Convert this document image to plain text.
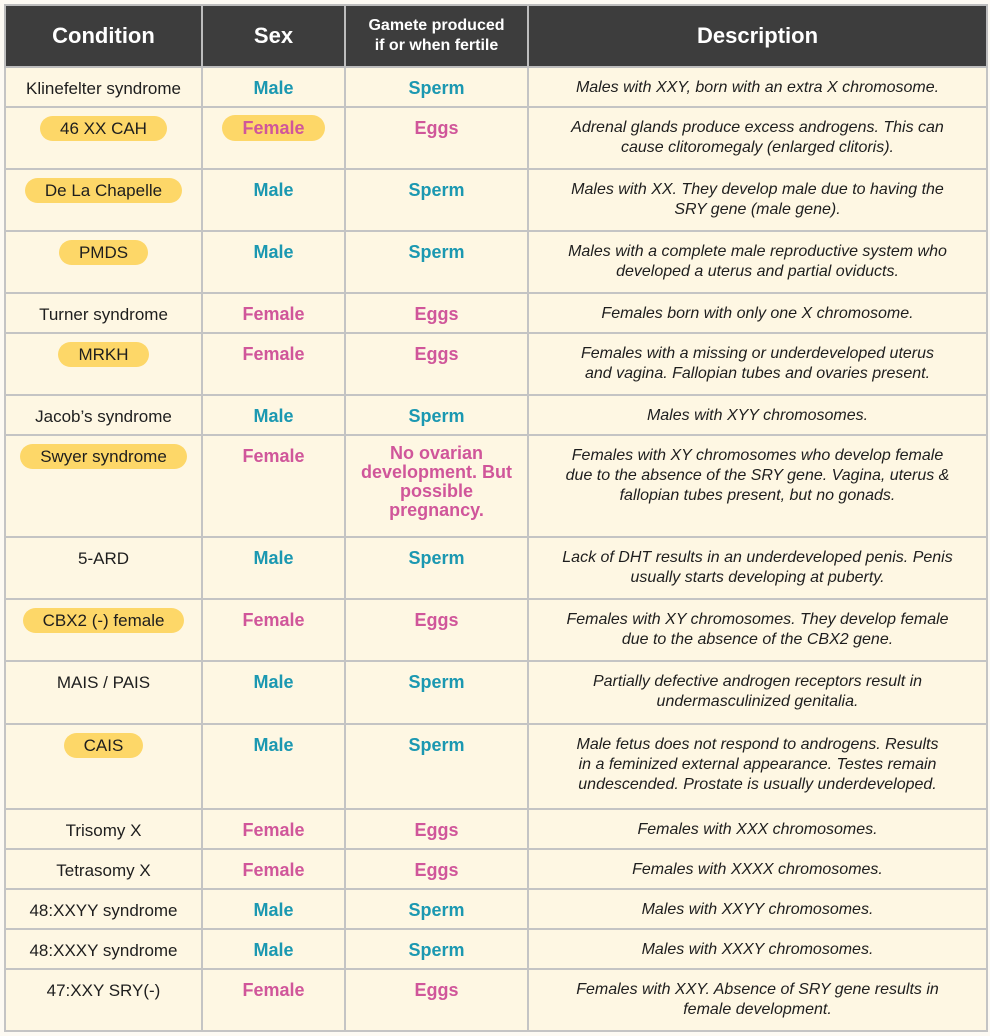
Condition	Sex	Gamete produced
if or when fertile	Description
Klinefelter syndrome	Male	Sperm	Males with XXY, born with an extra X chromosome.
46 XX CAH	Female	Eggs	Adrenal glands produce excess androgens. This can
cause clitoromegaly (enlarged clitoris).
De La Chapelle	Male	Sperm	Males with XX. They develop male due to having the
SRY gene (male gene).
PMDS	Male	Sperm	Males with a complete male reproductive system who
developed a uterus and partial oviducts.
Turner syndrome	Female	Eggs	Females born with only one X chromosome.
MRKH	Female	Eggs	Females with a missing or underdeveloped uterus
and vagina. Fallopian tubes and ovaries present.
Jacob’s syndrome	Male	Sperm	Males with XYY chromosomes.
Swyer syndrome	Female	No ovarian
development. But
possible pregnancy.	Females with XY chromosomes who develop female
due to the absence of the SRY gene. Vagina, uterus &
fallopian tubes present, but no gonads.
5-ARD	Male	Sperm	Lack of DHT results in an underdeveloped penis. Penis
usually starts developing at puberty.
CBX2 (-) female	Female	Eggs	Females with XY chromosomes. They develop female
due to the absence of the CBX2 gene.
MAIS / PAIS	Male	Sperm	Partially defective androgen receptors result in
undermasculinized genitalia.
CAIS	Male	Sperm	Male fetus does not respond to androgens. Results
in a feminized external appearance. Testes remain
undescended. Prostate is usually underdeveloped.
Trisomy X	Female	Eggs	Females with XXX chromosomes.
Tetrasomy X	Female	Eggs	Females with XXXX chromosomes.
48:XXYY syndrome	Male	Sperm	Males with XXYY chromosomes.
48:XXXY syndrome	Male	Sperm	Males with XXXY chromosomes.
47:XXY SRY(-)	Female	Eggs	Females with XXY. Absence of SRY gene results in
female development.
